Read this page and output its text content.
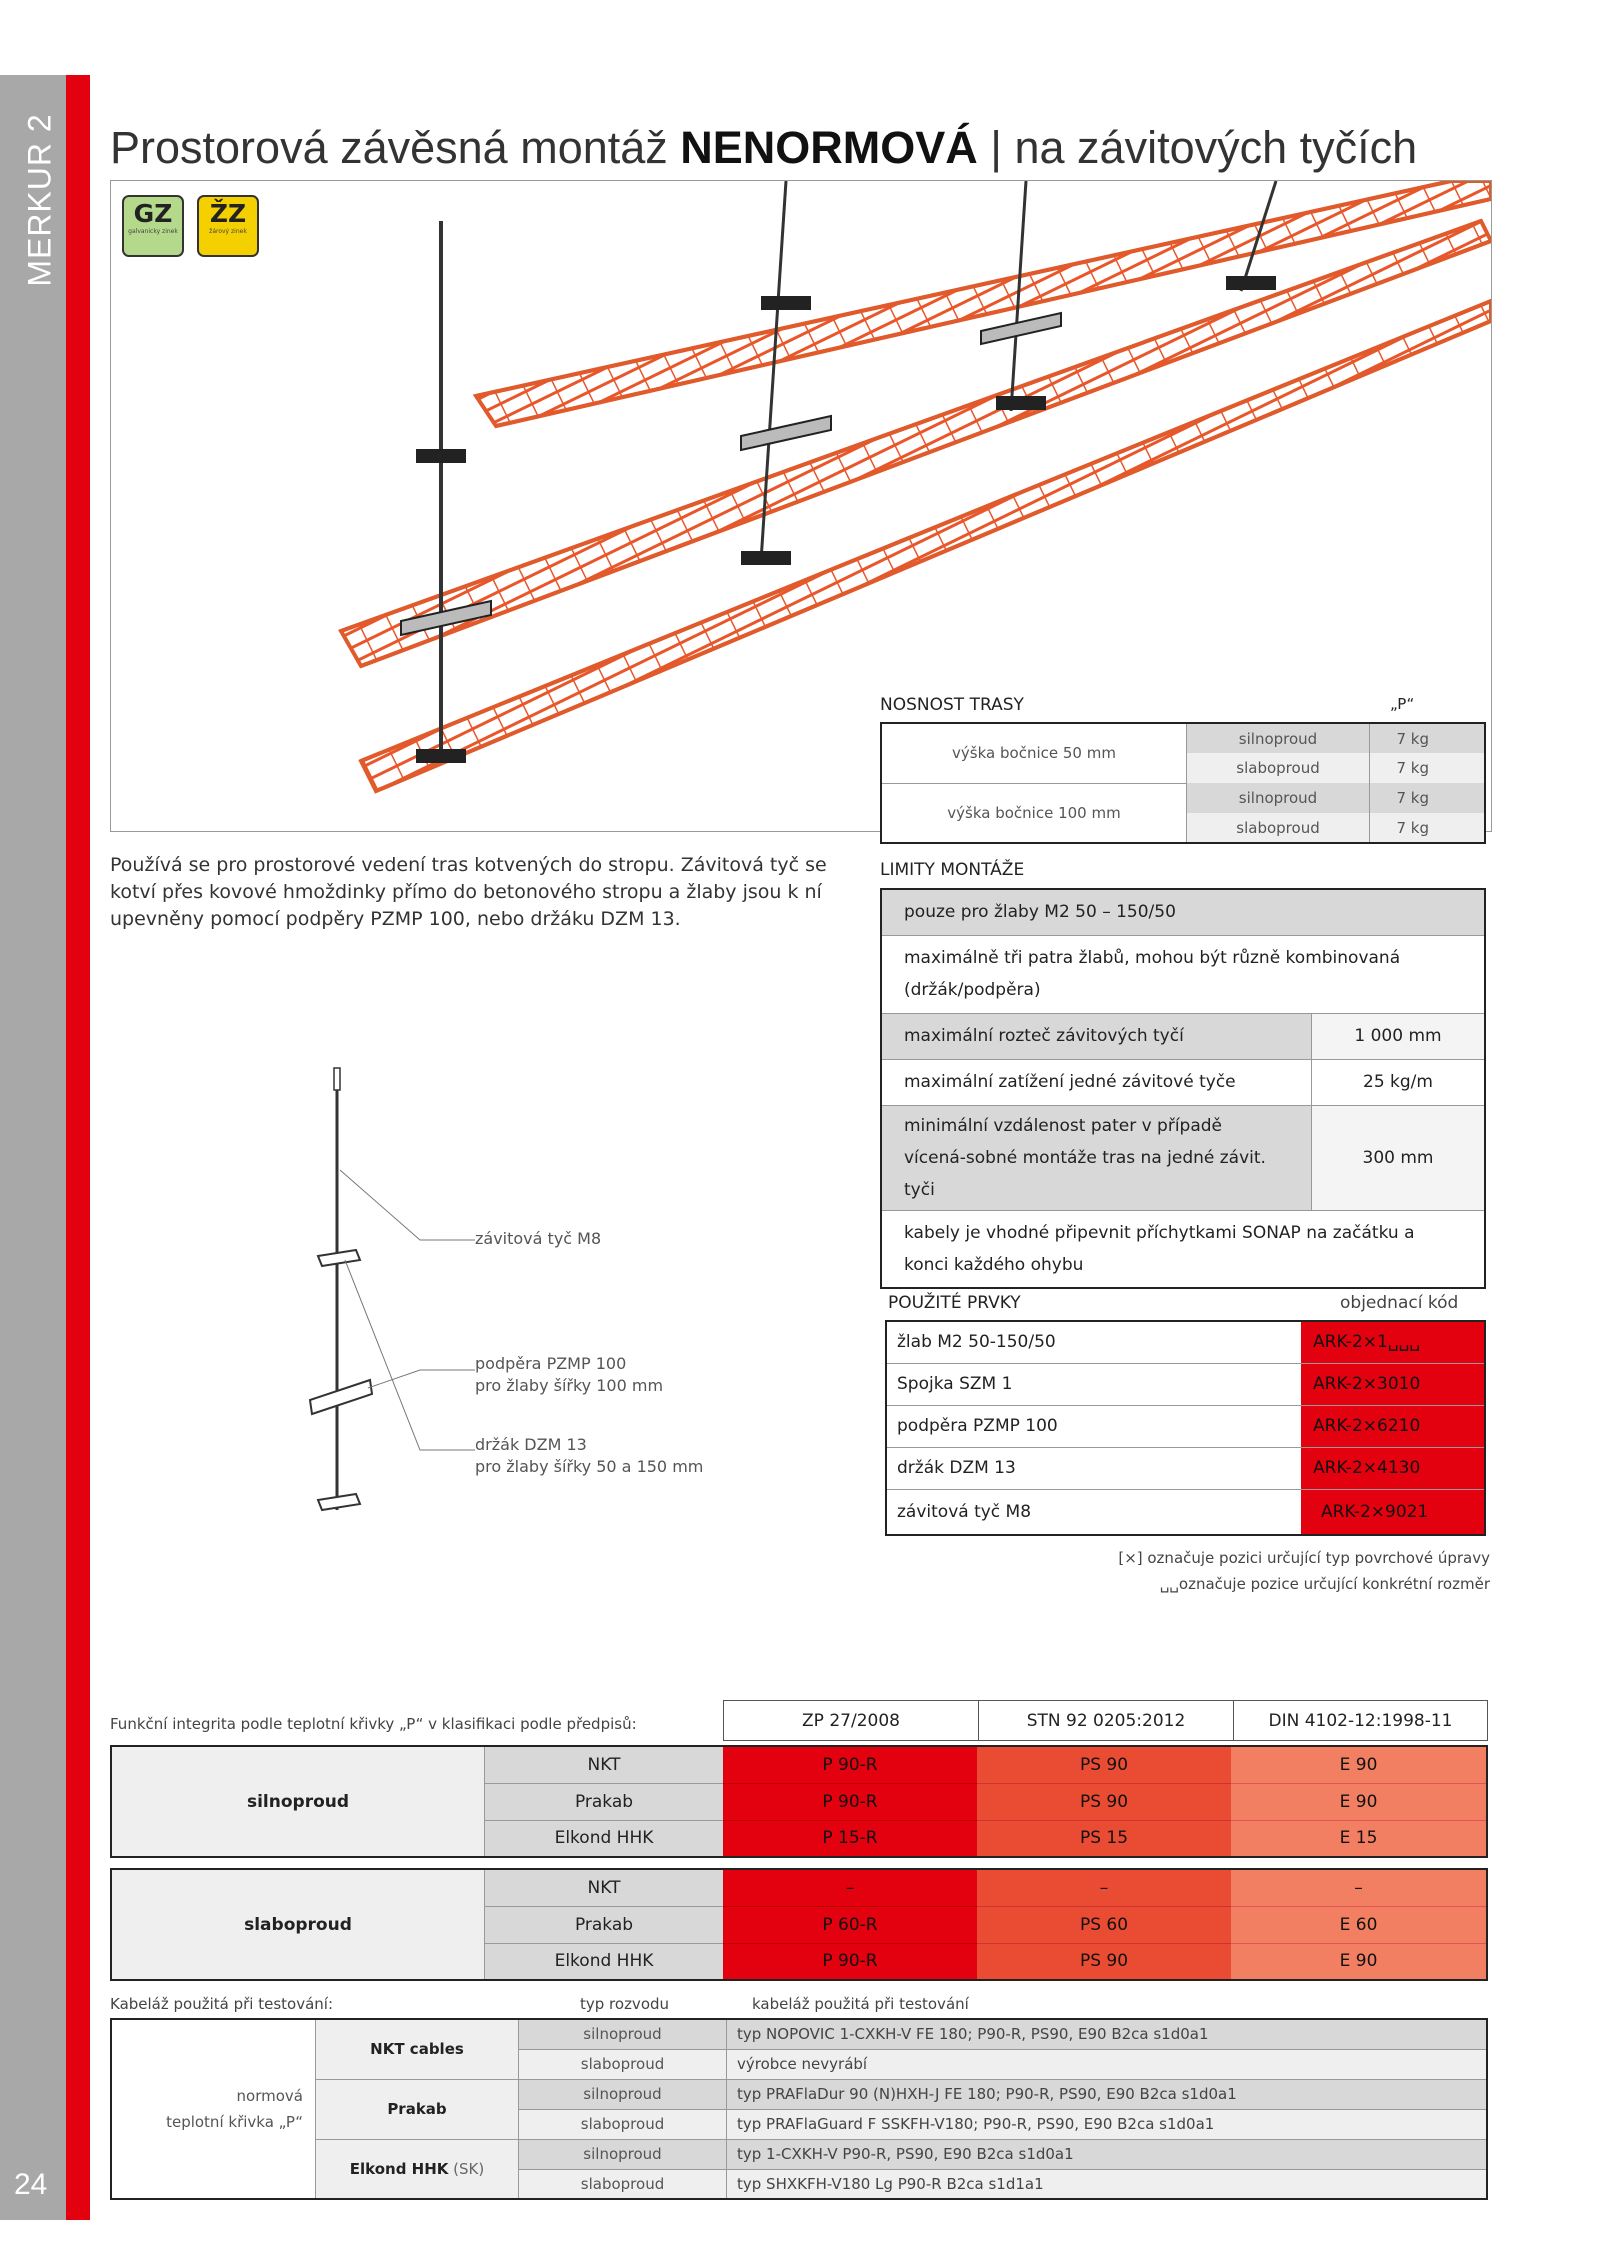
MERKUR 2
24
Prostorová závěsná montáž NENORMOVÁ | na závitových tyčích
GZ
galvanicky zinek
ŽZ
žárový zinek
NOSNOST TRASY	„P“
výška bočnice 50 mm	silnoproud	7 kg
	slaboproud	7 kg
výška bočnice 100 mm	silnoproud	7 kg
	slaboproud	7 kg
Používá se pro prostorové vedení tras kotvených do stropu. Závitová tyč se kotví přes kovové hmoždinky přímo do betonového stropu a žlaby jsou k ní upevněny pomocí podpěry PZMP 100, nebo držáku DZM 13.
LIMITY MONTÁŽE
pouze pro žlaby M2 50 – 150/50	
maximálně tři patra žlabů, mohou být různě kombinovaná (držák/podpěra)	
maximální rozteč závitových tyčí	1 000 mm
maximální zatížení jedné závitové tyče	25 kg/m
minimální vzdálenost pater v případě vícená-sobné montáže tras na jedné závit. tyči	300 mm
kabely je vhodné připevnit příchytkami SONAP na začátku a konci každého ohybu	
závitová tyč M8
podpěra PZMP 100
pro žlaby šířky 100 mm
držák DZM 13
pro žlaby šířky 50 a 150 mm
POUŽITÉ PRVKY	objednací kód
žlab M2 50-150/50	ARK-2×1␣␣␣
Spojka SZM 1	ARK-2×3010
podpěra PZMP 100	ARK-2×6210
držák DZM 13	ARK-2×4130
závitová tyč M8	ARK-2×9021
[×] označuje pozici určující typ povrchové úpravy
␣␣označuje pozice určující konkrétní rozměr
Funkční integrita podle teplotní křivky „P“ v klasifikaci podle předpisů:	ZP 27/2008	STN 92 0205:2012	DIN 4102-12:1998-11
silnoproud	NKT	P 90-R	PS 90	E 90
	Prakab	P 90-R	PS 90	E 90
	Elkond HHK	P 15-R	PS 15	E 15
slaboproud	NKT	–	–	–
	Prakab	P 60-R	PS 60	E 60
	Elkond HHK	P 90-R	PS 90	E 90
Kabeláž použitá při testování:	typ rozvodu	kabeláž použitá při testování
normová
teplotní křivka „P“	NKT cables	silnoproud	typ NOPOVIC 1-CXKH-V FE 180; P90-R, PS90, E90 B2ca s1d0a1
		slaboproud	výrobce nevyrábí
	Prakab	silnoproud	typ PRAFlaDur 90 (N)HXH-J FE 180; P90-R, PS90, E90 B2ca s1d0a1
		slaboproud	typ PRAFlaGuard F SSKFH-V180; P90-R, PS90, E90 B2ca s1d0a1
	Elkond HHK (SK)	silnoproud	typ 1-CXKH-V P90-R, PS90, E90 B2ca s1d0a1
		slaboproud	typ SHXKFH-V180 Lg P90-R B2ca s1d1a1
